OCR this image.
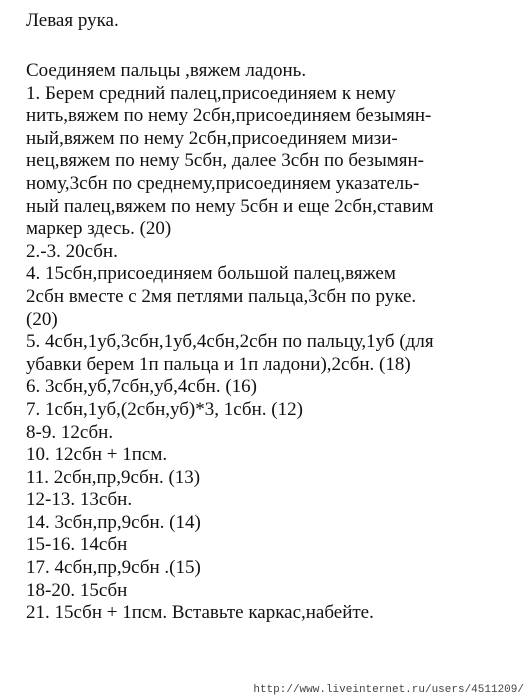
Левая рука.
Соединяем пальцы ,вяжем ладонь.
1. Берем средний палец,присоединяем к нему
нить,вяжем по нему 2сбн,присоединяем безымян-
ный,вяжем по нему 2сбн,присоединяем мизи-
нец,вяжем по нему 5сбн, далее 3сбн по безымян-
ному,3сбн по среднему,присоединяем указатель-
ный палец,вяжем по нему 5сбн и еще 2сбн,ставим
маркер здесь. (20)
2.-3. 20сбн.
4. 15сбн,присоединяем большой палец,вяжем
2сбн вместе с 2мя петлями пальца,3сбн по руке.
(20)
5. 4сбн,1уб,3сбн,1уб,4сбн,2сбн по пальцу,1уб (для
убавки берем 1п пальца и 1п ладони),2сбн. (18)
6. 3сбн,уб,7сбн,уб,4сбн. (16)
7. 1сбн,1уб,(2сбн,уб)*3, 1сбн. (12)
8-9. 12сбн.
10. 12сбн + 1псм.
11. 2сбн,пр,9сбн. (13)
12-13. 13сбн.
14. 3сбн,пр,9сбн. (14)
15-16. 14сбн
17. 4сбн,пр,9сбн .(15)
18-20. 15сбн
21. 15сбн + 1псм. Вставьте каркас,набейте.
http://www.liveinternet.ru/users/4511209/
